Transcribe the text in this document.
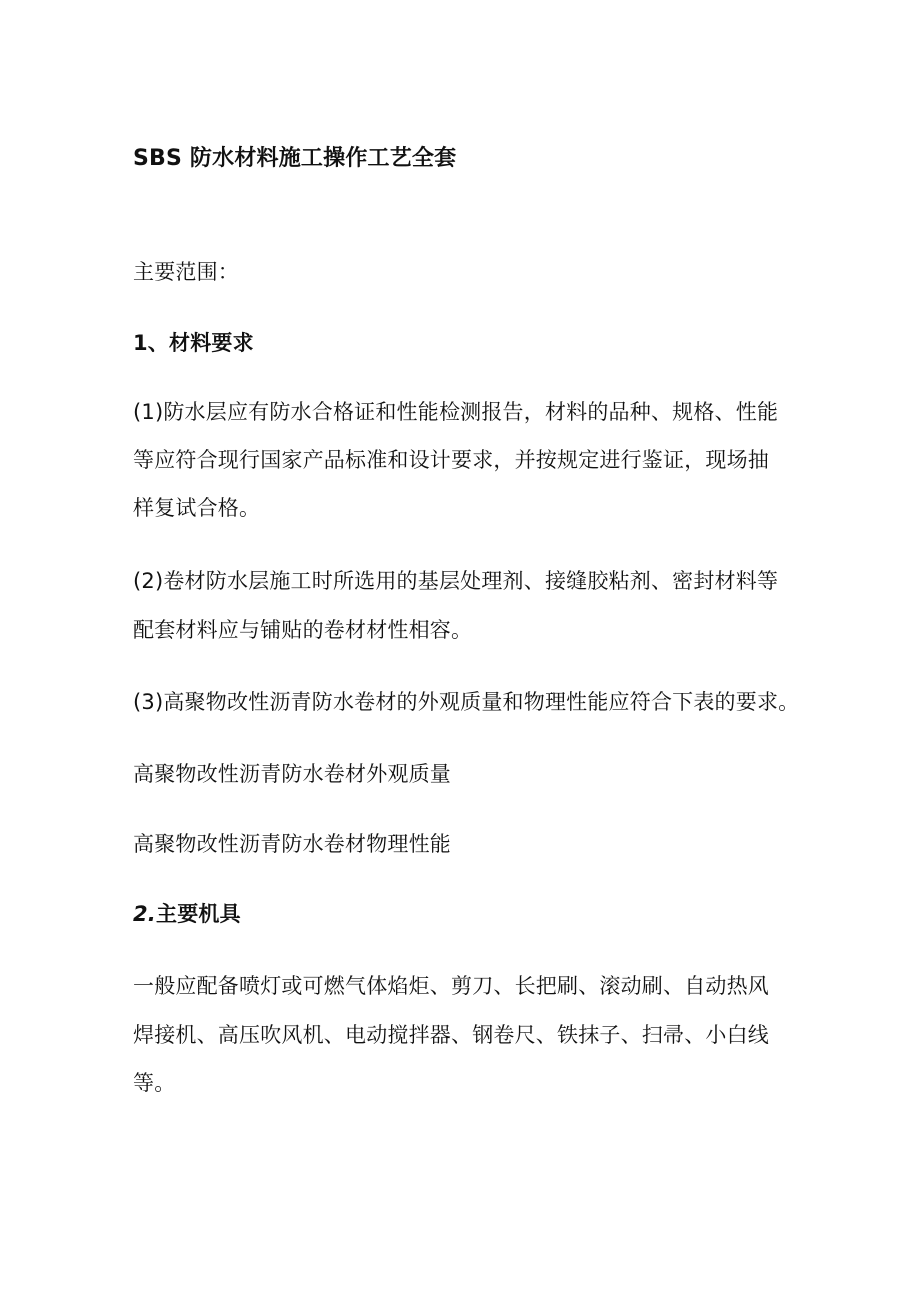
SBS 防水材料施工操作工艺全套
主要范围：
1、材料要求
(1)防水层应有防水合格证和性能检测报告，材料的品种、规格、性能
等应符合现行国家产品标准和设计要求，并按规定进行鉴证，现场抽
样复试合格。
(2)卷材防水层施工时所选用的基层处理剂、接缝胶粘剂、密封材料等
配套材料应与铺贴的卷材材性相容。
(3)高聚物改性沥青防水卷材的外观质量和物理性能应符合下表的要求。
高聚物改性沥青防水卷材外观质量
高聚物改性沥青防水卷材物理性能
2.主要机具
一般应配备喷灯或可燃气体焰炬、剪刀、长把刷、滚动刷、自动热风
焊接机、高压吹风机、电动搅拌器、钢卷尺、铁抹子、扫帚、小白线
等。
